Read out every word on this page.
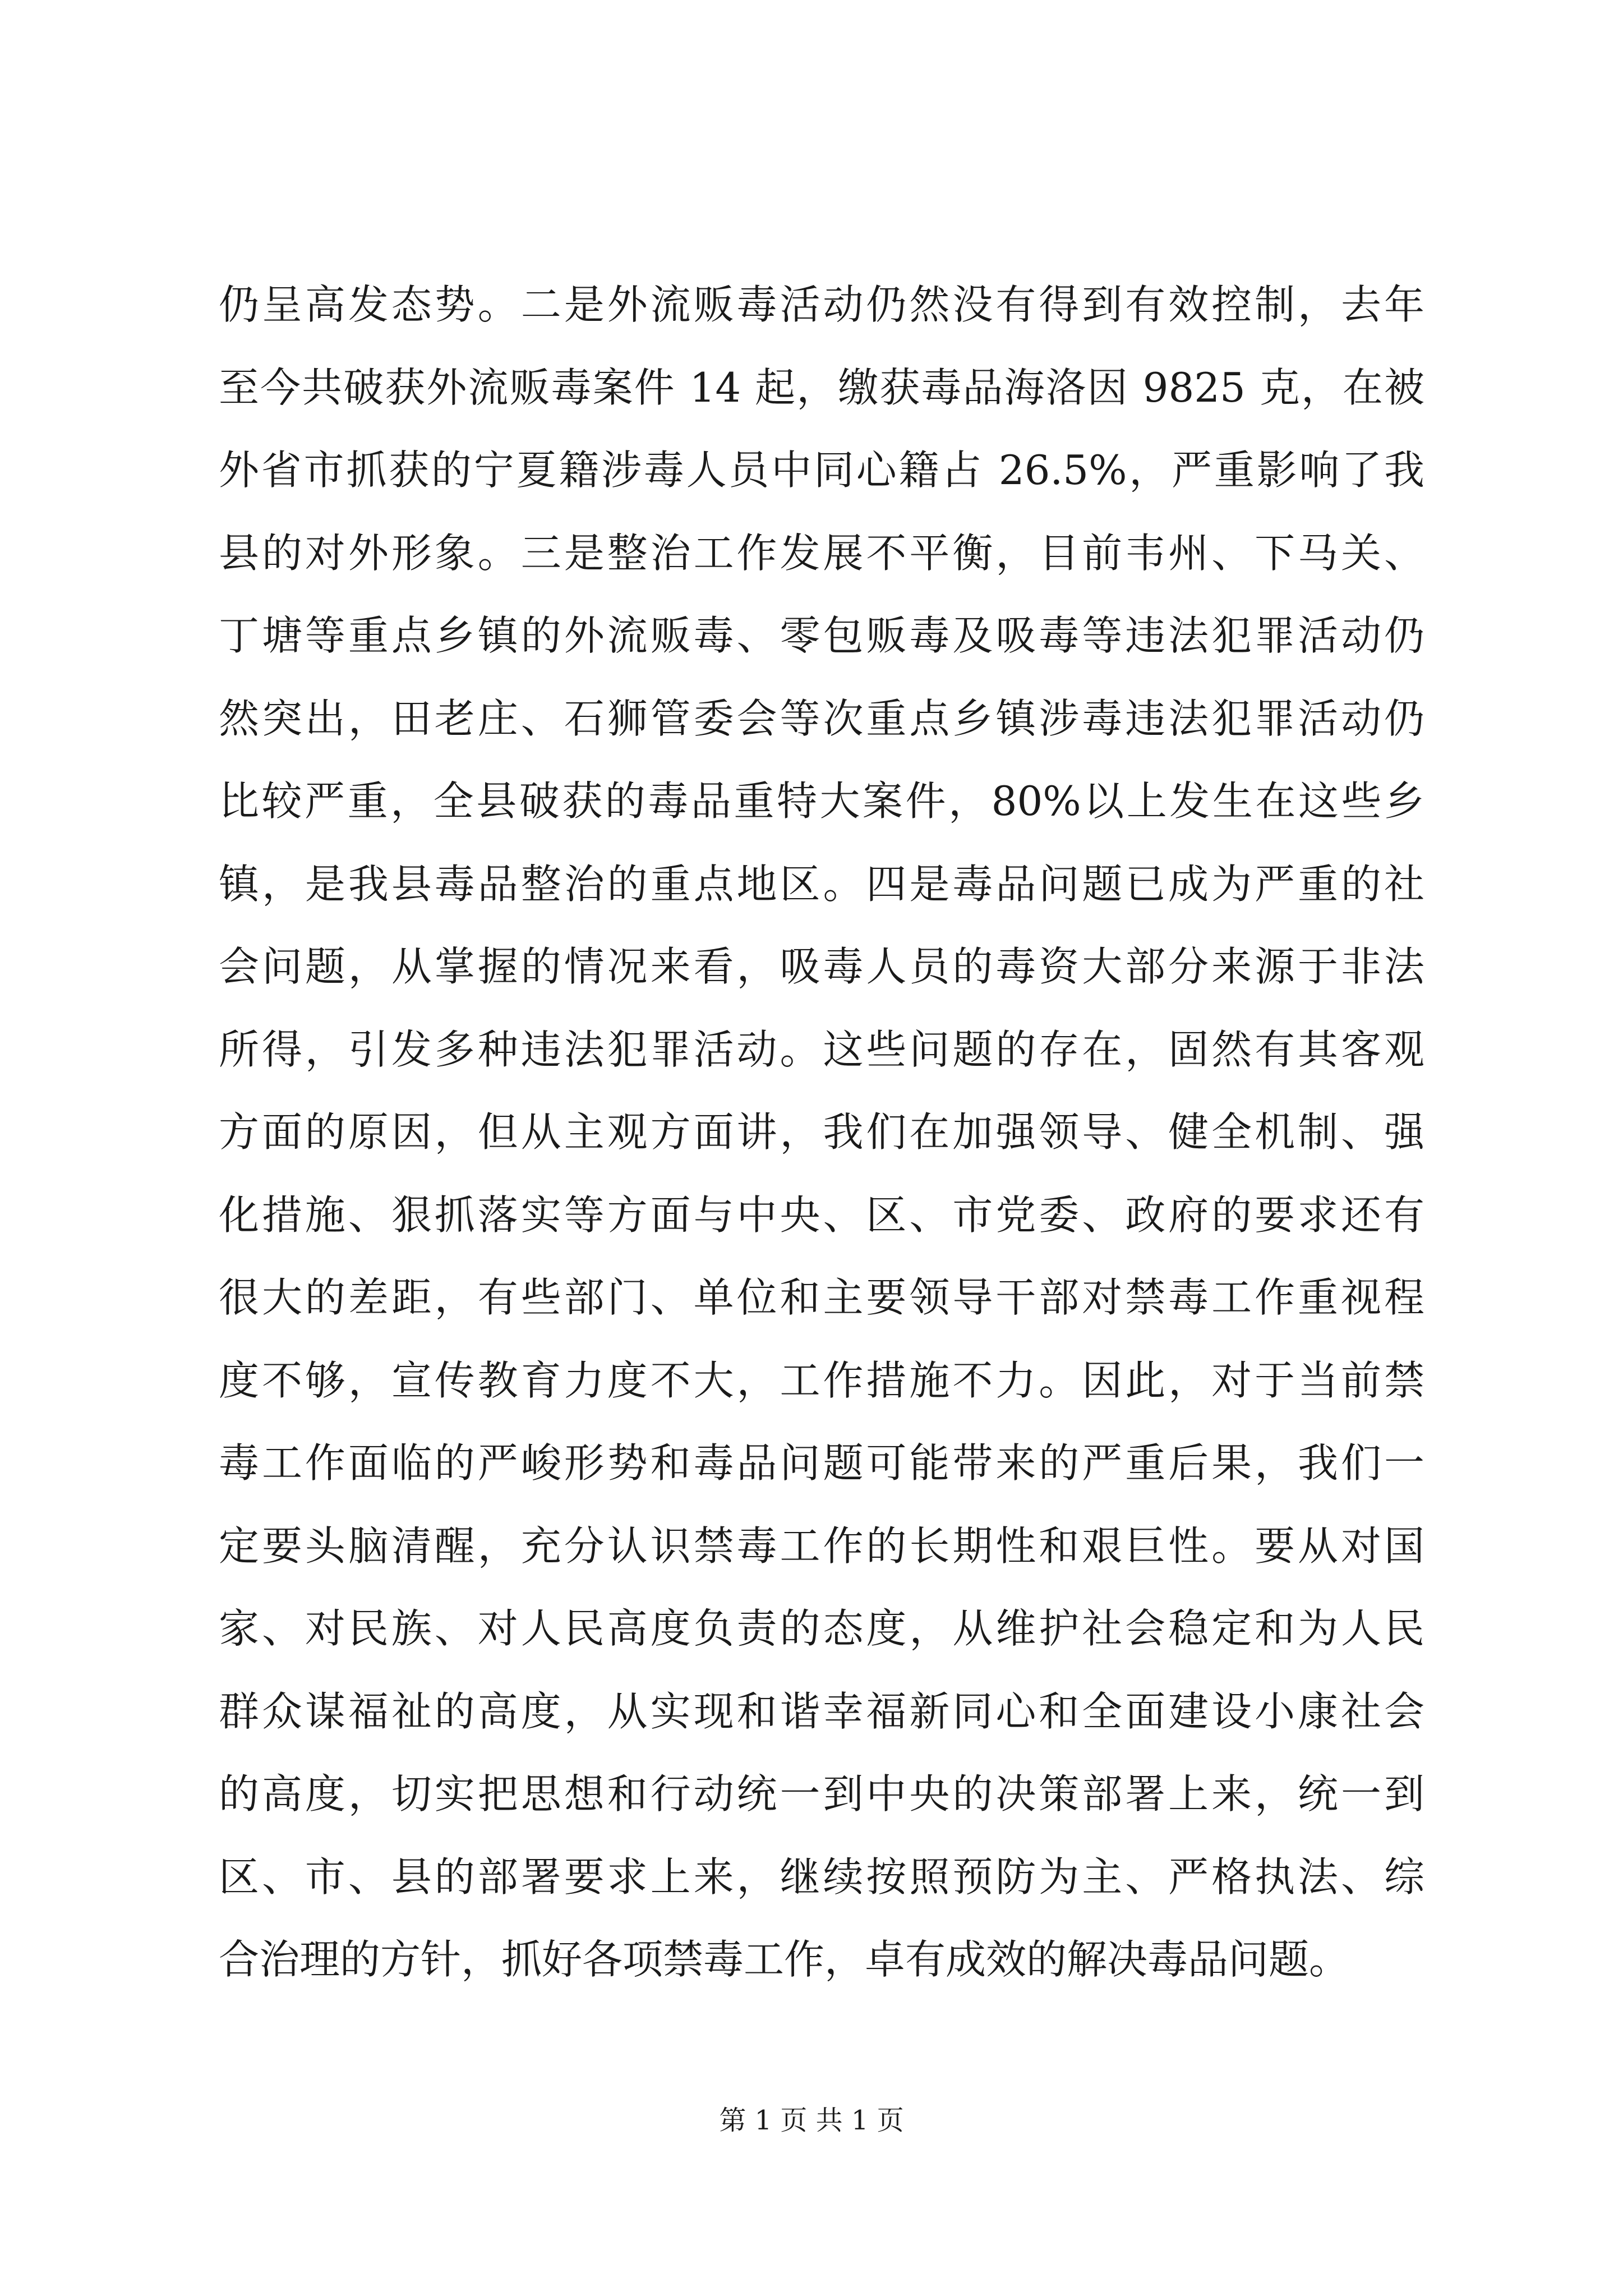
仍呈高发态势。二是外流贩毒活动仍然没有得到有效控制，去年
至今共破获外流贩毒案件 14 起，缴获毒品海洛因 9825 克，在被
外省市抓获的宁夏籍涉毒人员中同心籍占 26.5%，严重影响了我
县的对外形象。三是整治工作发展不平衡，目前韦州、下马关、
丁塘等重点乡镇的外流贩毒、零包贩毒及吸毒等违法犯罪活动仍
然突出，田老庄、石狮管委会等次重点乡镇涉毒违法犯罪活动仍
比较严重，全县破获的毒品重特大案件，80%以上发生在这些乡
镇，是我县毒品整治的重点地区。四是毒品问题已成为严重的社
会问题，从掌握的情况来看，吸毒人员的毒资大部分来源于非法
所得，引发多种违法犯罪活动。这些问题的存在，固然有其客观
方面的原因，但从主观方面讲，我们在加强领导、健全机制、强
化措施、狠抓落实等方面与中央、区、市党委、政府的要求还有
很大的差距，有些部门、单位和主要领导干部对禁毒工作重视程
度不够，宣传教育力度不大，工作措施不力。因此，对于当前禁
毒工作面临的严峻形势和毒品问题可能带来的严重后果，我们一
定要头脑清醒，充分认识禁毒工作的长期性和艰巨性。要从对国
家、对民族、对人民高度负责的态度，从维护社会稳定和为人民
群众谋福祉的高度，从实现和谐幸福新同心和全面建设小康社会
的高度，切实把思想和行动统一到中央的决策部署上来，统一到
区、市、县的部署要求上来，继续按照预防为主、严格执法、综
合治理的方针，抓好各项禁毒工作，卓有成效的解决毒品问题。
第 1 页 共 1 页
